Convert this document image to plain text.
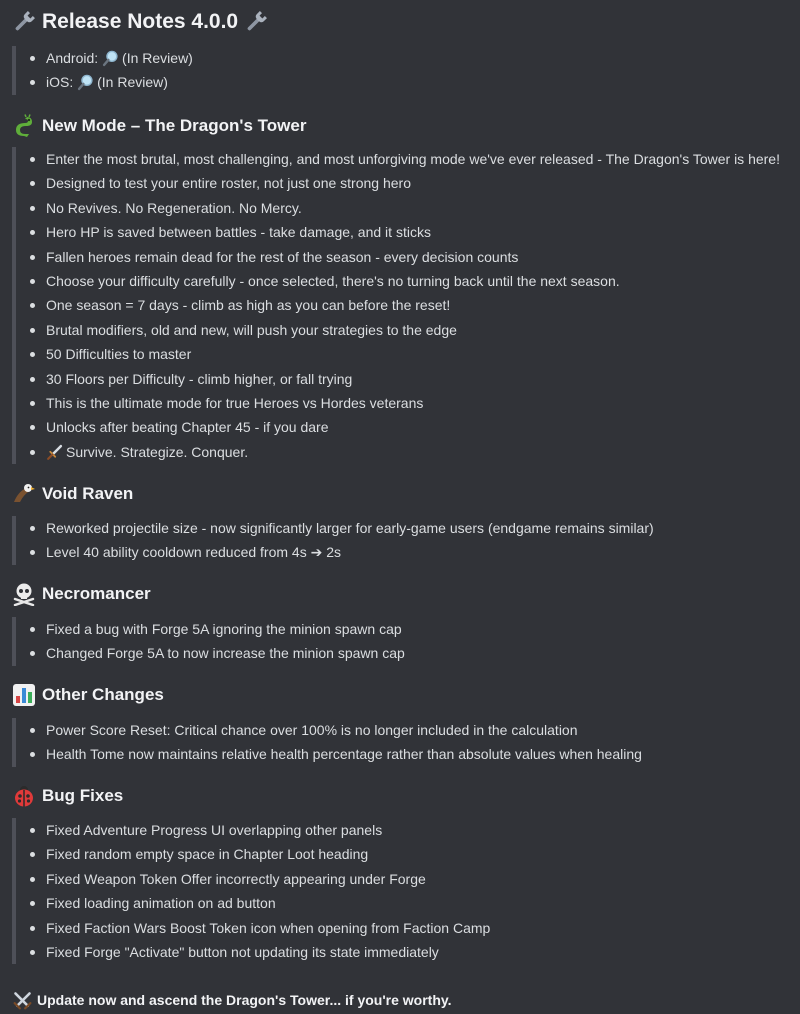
Release Notes 4.0.0
Android: (In Review)
iOS: (In Review)
New Mode – The Dragon's Tower
Enter the most brutal, most challenging, and most unforgiving mode we've ever released - The Dragon's Tower is here!
Designed to test your entire roster, not just one strong hero
No Revives. No Regeneration. No Mercy.
Hero HP is saved between battles - take damage, and it sticks
Fallen heroes remain dead for the rest of the season - every decision counts
Choose your difficulty carefully - once selected, there's no turning back until the next season.
One season = 7 days - climb as high as you can before the reset!
Brutal modifiers, old and new, will push your strategies to the edge
50 Difficulties to master
30 Floors per Difficulty - climb higher, or fall trying
This is the ultimate mode for true Heroes vs Hordes veterans
Unlocks after beating Chapter 45 - if you dare
Survive. Strategize. Conquer.
Void Raven
Reworked projectile size - now significantly larger for early-game users (endgame remains similar)
Level 40 ability cooldown reduced from 4s ➔ 2s
Necromancer
Fixed a bug with Forge 5A ignoring the minion spawn cap
Changed Forge 5A to now increase the minion spawn cap
Other Changes
Power Score Reset: Critical chance over 100% is no longer included in the calculation
Health Tome now maintains relative health percentage rather than absolute values when healing
Bug Fixes
Fixed Adventure Progress UI overlapping other panels
Fixed random empty space in Chapter Loot heading
Fixed Weapon Token Offer incorrectly appearing under Forge
Fixed loading animation on ad button
Fixed Faction Wars Boost Token icon when opening from Faction Camp
Fixed Forge "Activate" button not updating its state immediately
Update now and ascend the Dragon's Tower... if you're worthy.
